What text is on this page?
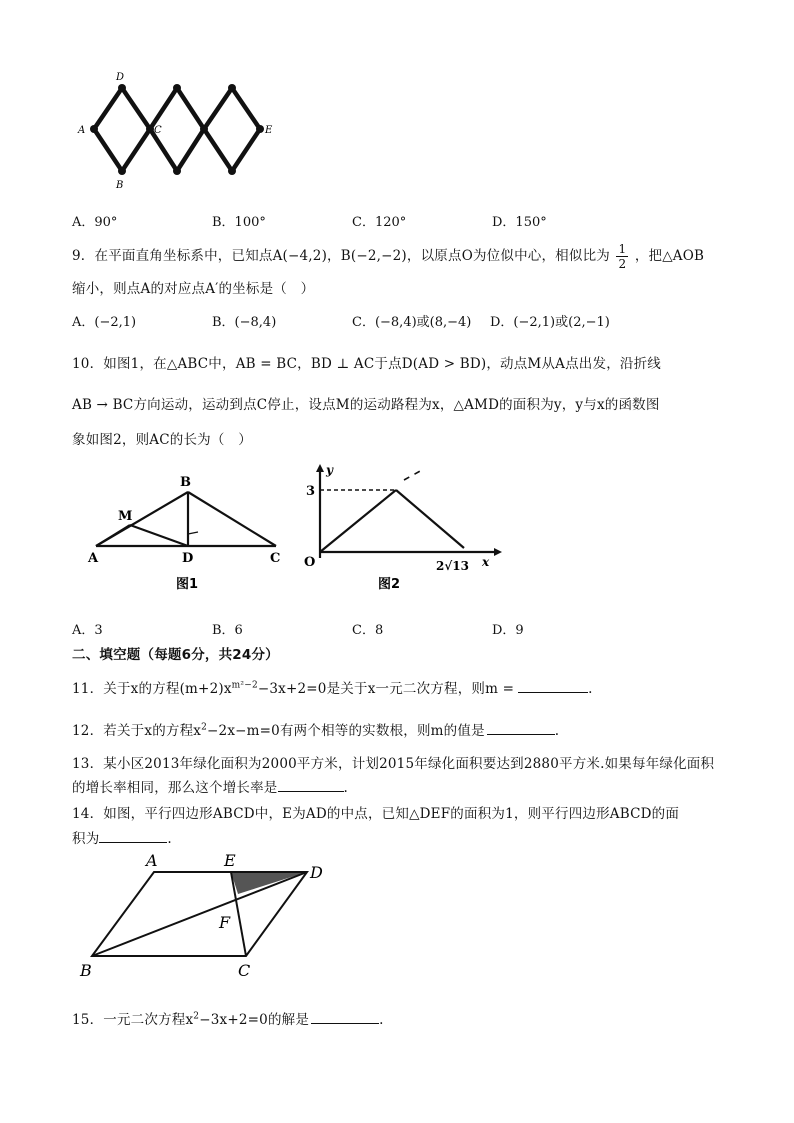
D
A	C	E
B
A．90°	B．100°	C．120°	D．150°
9．在平面直角坐标系中，已知点A(−4,2)，B(−2,−2)，以原点O为位似中心，相似比为 $\frac{1}{2}$ ，把△AOB
缩小，则点A的对应点A′的坐标是（　）
A．(−2,1)	B．(−8,4)	C．(−8,4)或(8,−4) D．(−2,1)或(2,−1)
10．如图1，在△ABC中，AB = BC，BD ⊥ AC于点D(AD > BD)，动点M从A点出发，沿折线
AB → BC方向运动，运动到点C停止，设点M的运动路程为x，△AMD的面积为y，y与x的函数图
象如图2，则AC的长为（　）
B
M
A	D	C
图1
y
3
O	2√13 x
图2
A．3	B．6	C．8	D．9
二、填空题（每题6分，共24分）
11．关于x的方程$(m+2)x^{m^2-2}-3x+2=0$是关于x一元二次方程，则m =	.
12．若关于x的方程$x^2-2x-m=0$有两个相等的实数根，则m的值是	.
13．某小区2013年绿化面积为2000平方米，计划2015年绿化面积要达到2880平方米.如果每年绿化面积
的增长率相同，那么这个增长率是	.
14．如图，平行四边形ABCD中，E为AD的中点，已知△DEF的面积为1，则平行四边形ABCD的面
积为	.
A	E
D
F
B	C
15．一元二次方程$x^2-3x+2=0$的解是	.
